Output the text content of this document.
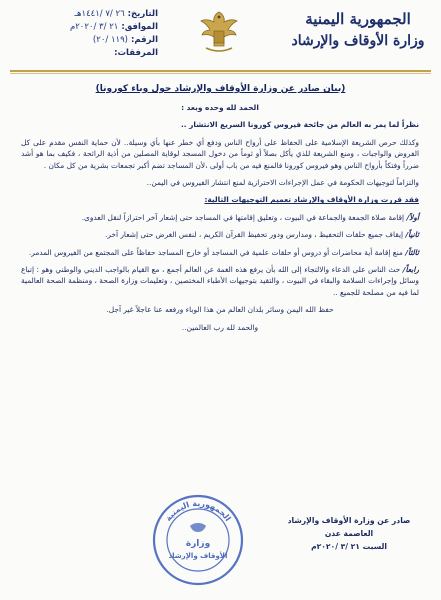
الجمهورية اليمنية
وزارة الأوقاف والإرشاد
التاريخ: ٢٦ /٧ /١٤٤١هـ
الموافق: ٢١ /٣ /٢٠٢٠م
الرقم: (١١٩ /٢٠)
المرفقات:
(بيان صادر عن وزارة الأوقاف والإرشاد حول وباء كورونا)

الحمد لله وحده وبعد :

نظراً لما يمر به العالم من جائحة فيروس كورونا السريع الانتشار ..

وكذلك حرص الشريعة الإسلامية على الحفاظ على أرواح الناس ودفع أي خطر عنها بأي وسيلة.. لأن حماية النفس مقدم على كل الفروض والواجبات ، ومنع الشريعة للذي يأكل بصلاً أو ثوماً من دخول المسجد لوقاية المصلين من أذية الرائحة ، فكيف بما هو أشد ضرراً وفتكاً بأرواح الناس وهو فيروس كورونا فالمنع فيه من باب أولى ،لأن المساجد تضم أكبر تجمعات بشرية من كل مكان .

والتزاماً لتوجيهات الحكومة في عمل الإجراءات الاحترازية لمنع انتشار الفيروس في اليمن..

فقد قررت وزارة الأوقاف والإرشاد تعميم التوجيهات التالية:

أولاً/ إقامة صلاة الجمعة والجماعة في البيوت ، وتعليق إقامتها في المساجد حتى إشعار آخر احترازاً لنقل العدوى.

ثانياً/ إيقاف جميع حلقات التحفيظ ، ومدارس ودور تحفيظ القرآن الكريم ، لنفس الغرض حتى إشعار آخر.

ثالثاً/ منع إقامة أية محاضرات أو دروس أو حلقات علمية في المساجد أو خارج المساجد حفاظاً على المجتمع من الفيروس المدمر.

رابعاً/ حث الناس على الدعاء والالتجاء إلى الله بأن يرفع هذه الغمة عن العالم أجمع ، مع القيام بالواجب الديني والوطني وهو : إتباع وسائل وإجراءات السلامة والبقاء في البيوت ، والتقيد بتوجيهات الأطباء المختصين ، وتعليمات وزارة الصحة ، ومنظمة الصحة العالمية لما فيه من مصلحة للجميع ..

حفظ الله اليمن وسائر بلدان العالم من هذا الوباء ورفعه عنا عاجلاً غير آجل.

والحمد لله رب العالمين..

صادر عن وزارة الأوقاف والإرشاد
العاصمة عدن
السبت ٢١ /٣ /٢٠٢٠م
الجمهورية اليمنية
وزارة
الأوقاف والإرشاد
